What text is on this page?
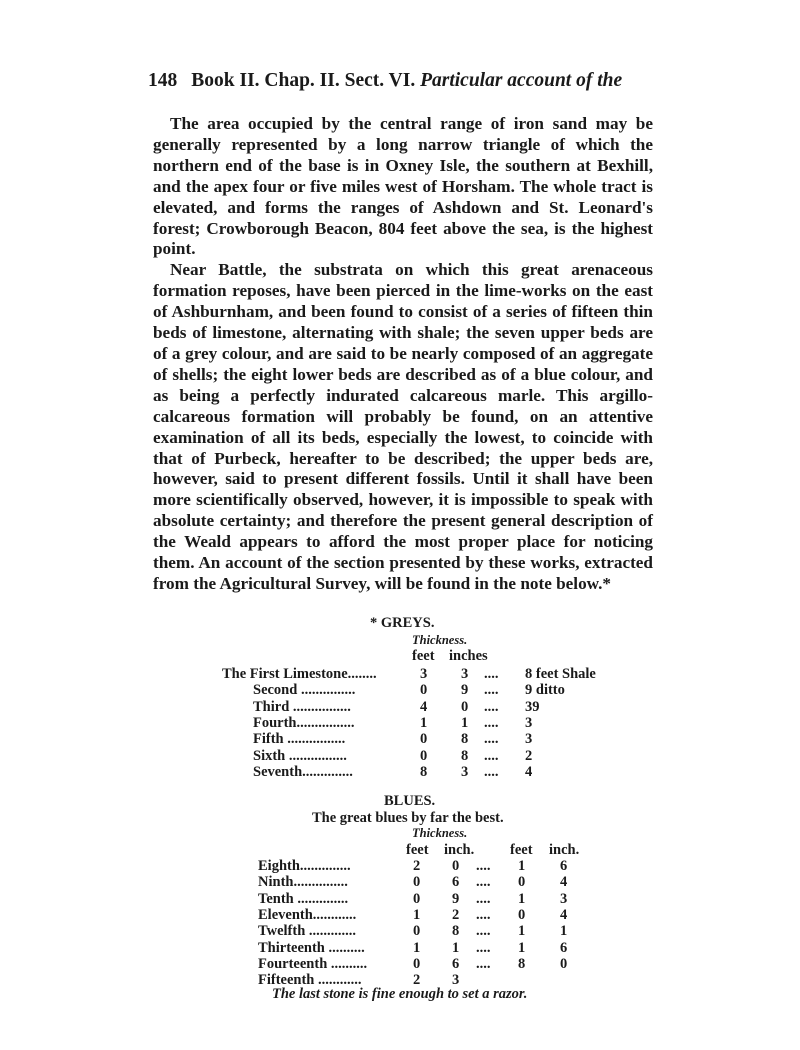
148 Book II. Chap. II. Sect. VI. Particular account of the

The area occupied by the central range of iron sand may be generally represented by a long narrow triangle of which the northern end of the base is in Oxney Isle, the southern at Bexhill, and the apex four or five miles west of Horsham. The whole tract is elevated, and forms the ranges of Ashdown and St. Leonard's forest; Crowborough Beacon, 804 feet above the sea, is the highest point.

Near Battle, the substrata on which this great arenaceous formation reposes, have been pierced in the lime-works on the east of Ashburnham, and been found to consist of a series of fifteen thin beds of limestone, alternating with shale; the seven upper beds are of a grey colour, and are said to be nearly composed of an aggregate of shells; the eight lower beds are described as of a blue colour, and as being a perfectly indurated calcareous marle. This argillo-calcareous formation will probably be found, on an attentive examination of all its beds, especially the lowest, to coincide with that of Purbeck, hereafter to be described; the upper beds are, however, said to present different fossils. Until it shall have been more scientifically observed, however, it is impossible to speak with absolute certainty; and therefore the present general description of the Weald appears to afford the most proper place for noticing them. An account of the section presented by these works, extracted from the Agricultural Survey, will be found in the note below.*

* GREYS.
Thickness.
feet inches
The First Limestone........	3 3 .... 8 feet Shale
Second ...............	0 9 .... 9 ditto
Third ................	4 0 .... 39
Fourth................	1 1 .... 3
Fifth ................	0 8 .... 3
Sixth ................	0 8 .... 2
Seventh..............	8 3 .... 4
BLUES.
The great blues by far the best.
Thickness.
feet inch. feet inch.
Eighth..............	2 0 .... 1 6
Ninth...............	0 6 .... 0 4
Tenth ..............	0 9 .... 1 3
Eleventh............	1 2 .... 0 4
Twelfth .............	0 8 .... 1 1
Thirteenth ..........	1 1 .... 1 6
Fourteenth ..........	0 6 .... 8 0
Fifteenth ............	2 3
The last stone is fine enough to set a razor.
